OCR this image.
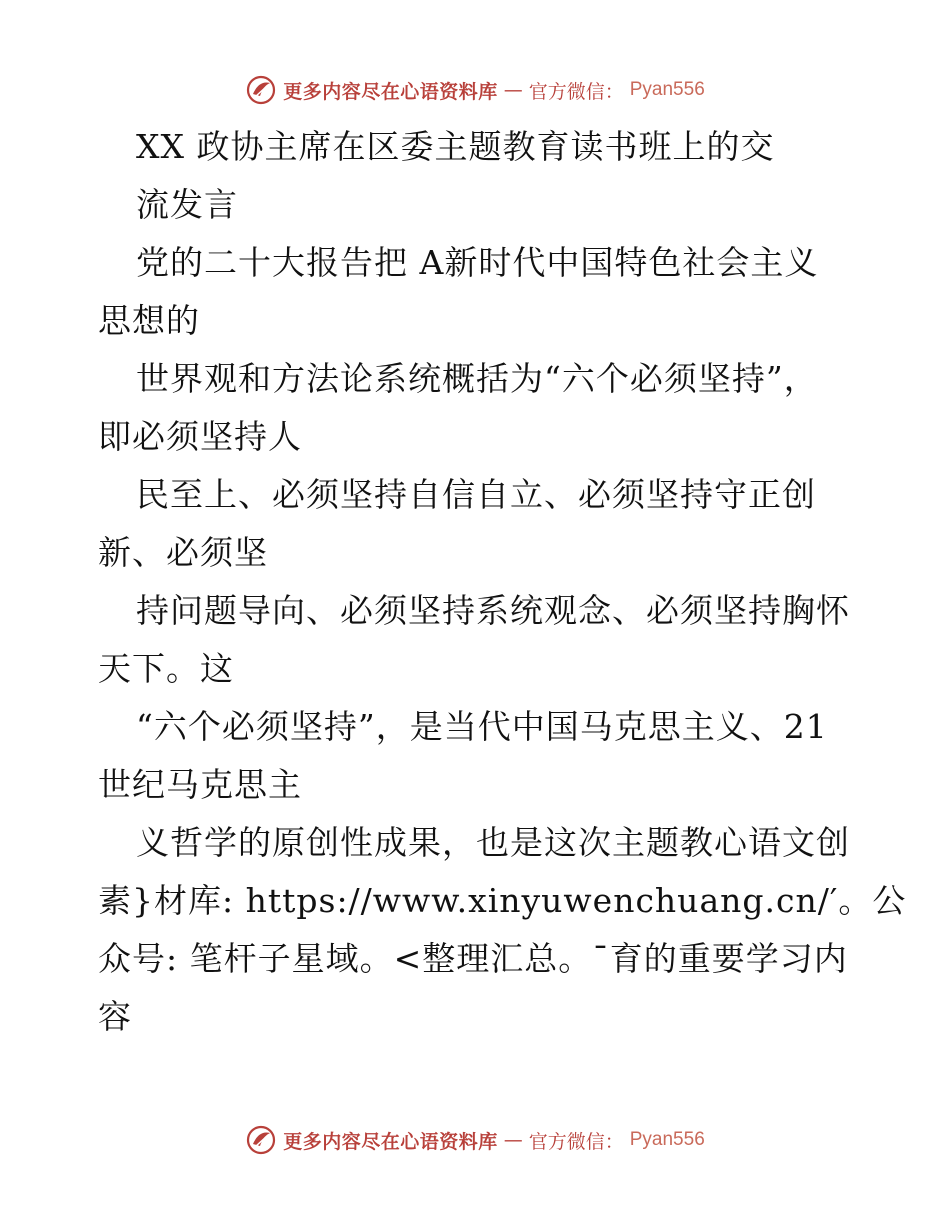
更多内容尽在心语资料库 — 官方微信： Pyan556
XX 政协主席在区委主题教育读书班上的交
流发言
党的二十大报告把 A新时代中国特色社会主义
思想的
世界观和方法论系统概括为“六个必须坚持”，
即必须坚持人
民至上、必须坚持自信自立、必须坚持守正创
新、必须坚
持问题导向、必须坚持系统观念、必须坚持胸怀
天下。这
“六个必须坚持”，是当代中国马克思主义、21
世纪马克思主
义哲学的原创性成果，也是这次主题教心语文创
素}材库: https://www.xinyuwenchuang.cn/′。公
众号: 笔杆子星域。<整理汇总。¯育的重要学习内
容
更多内容尽在心语资料库 — 官方微信： Pyan556
